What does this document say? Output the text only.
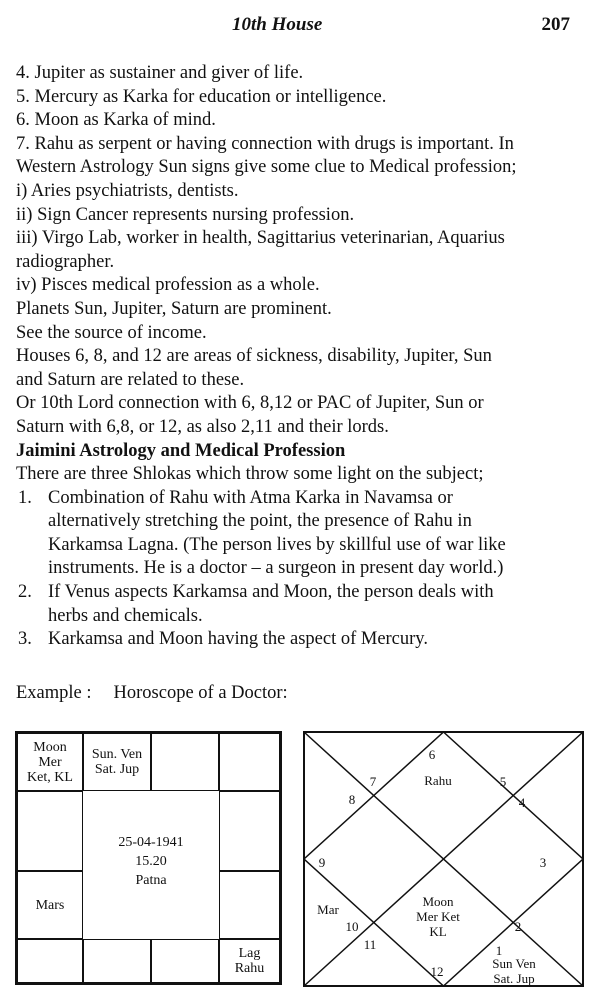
10th House	207
4. Jupiter as sustainer and giver of life.
5. Mercury as Karka for education or intelligence.
6. Moon as Karka of mind.
7. Rahu as serpent or having connection with drugs is important. In
Western Astrology Sun signs give some clue to Medical profession;
i) Aries psychiatrists, dentists.
ii) Sign Cancer represents nursing profession.
iii) Virgo Lab, worker in health, Sagittarius veterinarian, Aquarius
radiographer.
iv) Pisces medical profession as a whole.
Planets Sun, Jupiter, Saturn are prominent.
See the source of income.
Houses 6, 8, and 12 are areas of sickness, disability, Jupiter, Sun
and Saturn are related to these.
Or 10th Lord connection with 6, 8,12 or PAC of Jupiter, Sun or
Saturn with 6,8, or 12, as also 2,11 and their lords.
Jaimini Astrology and Medical Profession
There are three Shlokas which throw some light on the subject;
1. Combination of Rahu with Atma Karka in Navamsa or
alternatively stretching the point, the presence of Rahu in
Karkamsa Lagna. (The person lives by skillful use of war like
instruments. He is a doctor – a surgeon in present day world.)
2. If Venus aspects Karkamsa and Moon, the person deals with
herbs and chemicals.
3. Karkamsa and Moon having the aspect of Mercury.
Example : Horoscope of a Doctor:
Moon
Mer
Ket, KL
Sun. Ven
Sat. Jup
Mars
Lag
Rahu
25-04-1941
15.20
Patna
6
7	5
8	4
9	3
10	2
11	1
12
Rahu
Moon
Mer Ket
KL
Mar
Sun Ven
Sat. Jup
